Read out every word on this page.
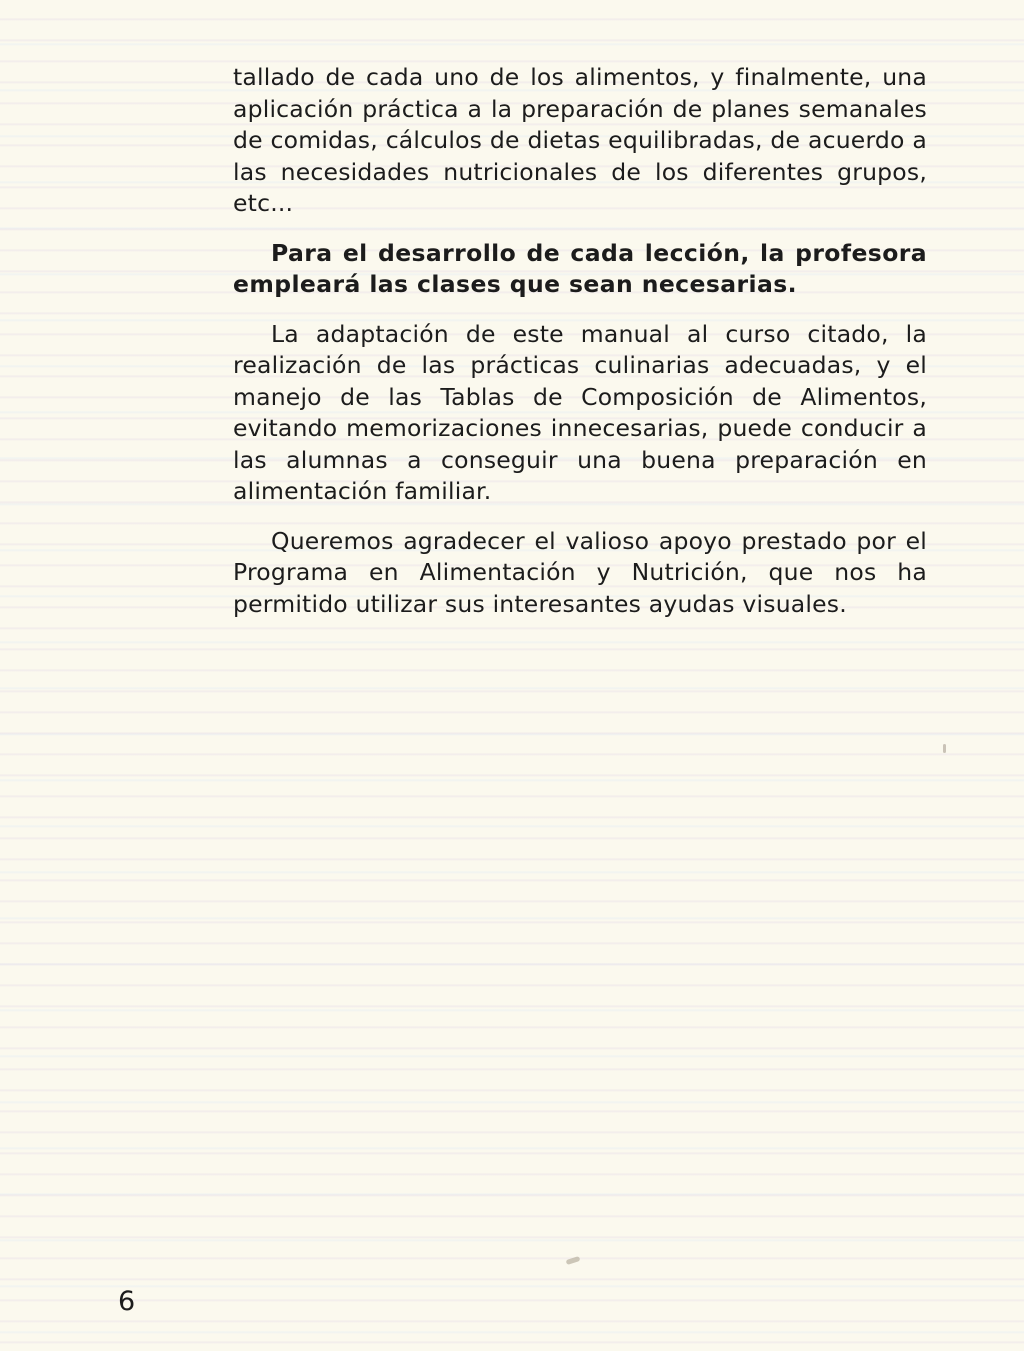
tallado de cada uno de los alimentos, y finalmente, una aplicación práctica a la preparación de planes semanales de comidas, cálculos de dietas equilibradas, de acuerdo a las necesidades nutricionales de los diferentes grupos, etc...

Para el desarrollo de cada lección, la profesora empleará las clases que sean necesarias.

La adaptación de este manual al curso citado, la realización de las prácticas culinarias adecuadas, y el manejo de las Tablas de Composición de Alimentos, evitando memorizaciones innecesarias, puede conducir a las alumnas a conseguir una buena preparación en alimentación familiar.

Queremos agradecer el valioso apoyo prestado por el Programa en Alimentación y Nutrición, que nos ha permitido utilizar sus interesantes ayudas visuales.

6
